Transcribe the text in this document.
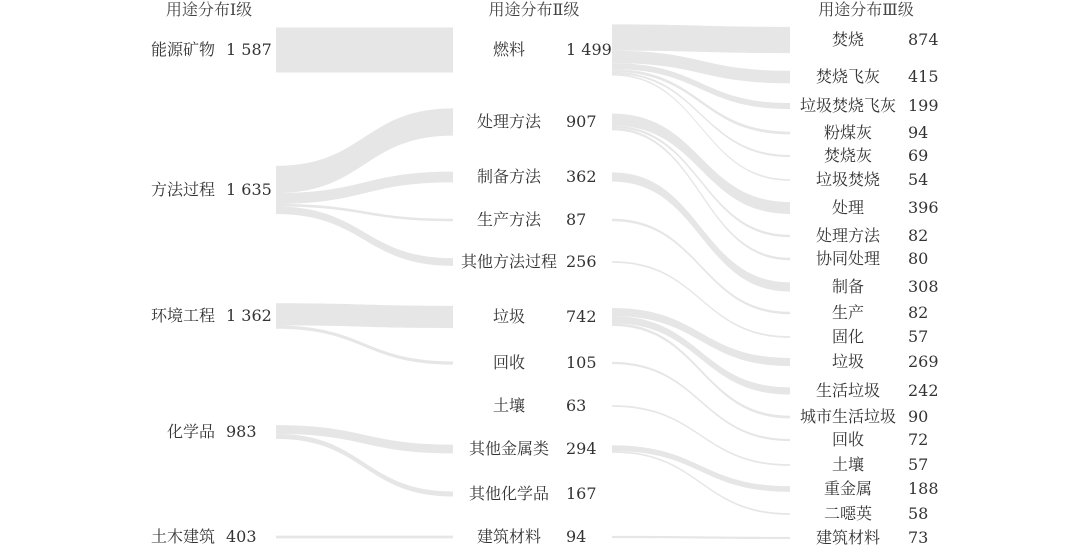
用途分布Ⅰ级	用途分布Ⅱ级	用途分布Ⅲ级
能源矿物 1 587
方法过程 1 635
环境工程 1 362
化学品 983
土木建筑 403
燃料	1 499
处理方法 907
制备方法 362
生产方法 87
其他方法过程 256
垃圾	742
回收	105
土壤	63
其他金属类 294
其他化学品 167
建筑材料 94
焚烧	874
焚烧飞灰 415
垃圾焚烧飞灰 199
粉煤灰 94
焚烧灰 69
垃圾焚烧 54
处理	396
处理方法 82
协同处理 80
制备	308
生产	82
固化	57
垃圾	269
生活垃圾 242
城市生活垃圾 90
回收	72
土壤	57
重金属 188
二噁英 58
建筑材料 73
